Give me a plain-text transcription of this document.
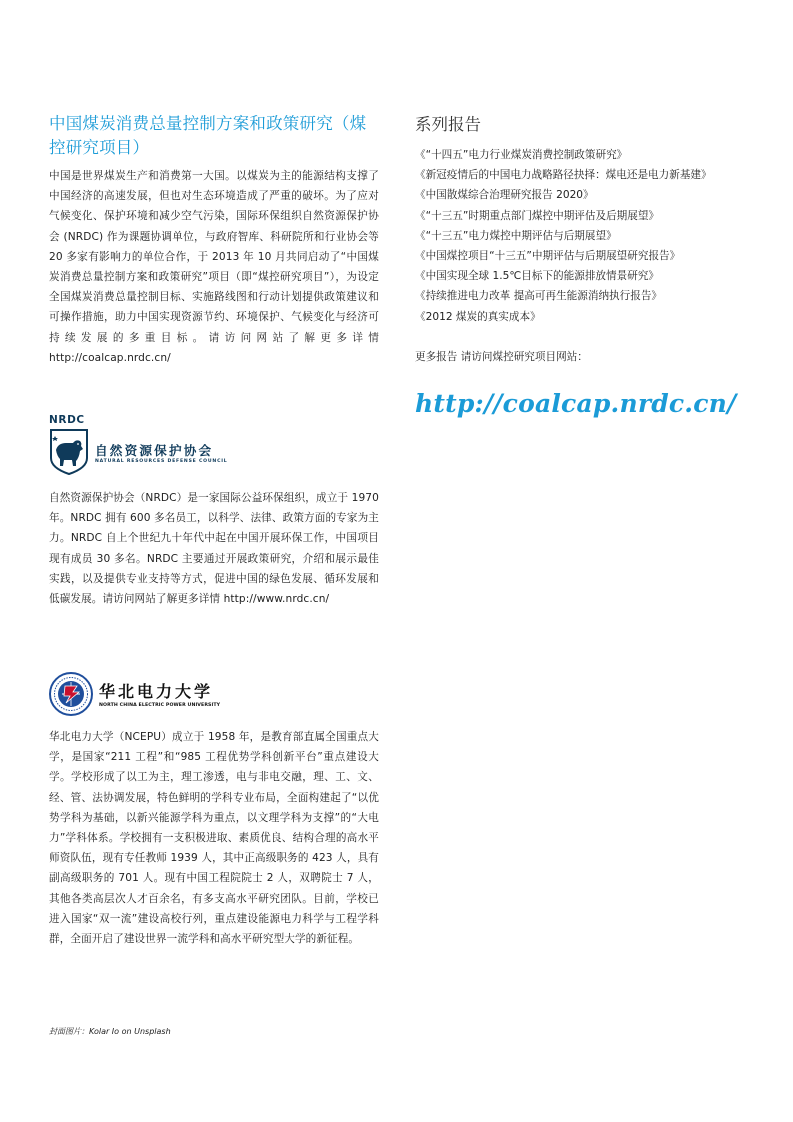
中国煤炭消费总量控制方案和政策研究（煤控研究项目）

中国是世界煤炭生产和消费第一大国。以煤炭为主的能源结构支撑了中国经济的高速发展，但也对生态环境造成了严重的破坏。为了应对气候变化、保护环境和减少空气污染，国际环保组织自然资源保护协会 (NRDC) 作为课题协调单位，与政府智库、科研院所和行业协会等 20 多家有影响力的单位合作，于 2013 年 10 月共同启动了“中国煤炭消费总量控制方案和政策研究”项目（即“煤控研究项目”），为设定全国煤炭消费总量控制目标、实施路线图和行动计划提供政策建议和可操作措施，助力中国实现资源节约、环境保护、气候变化与经济可持续发展的多重目标。请访问网站了解更多详情 http://coalcap.nrdc.cn/

NRDC
自然资源保护协会
NATURAL RESOURCES DEFENSE COUNCIL

自然资源保护协会（NRDC）是一家国际公益环保组织，成立于 1970 年。NRDC 拥有 600 多名员工，以科学、法律、政策方面的专家为主力。NRDC 自上个世纪九十年代中起在中国开展环保工作，中国项目现有成员 30 多名。NRDC 主要通过开展政策研究，介绍和展示最佳实践，以及提供专业支持等方式，促进中国的绿色发展、循环发展和低碳发展。请访问网站了解更多详情 http://www.nrdc.cn/

华北电力大学
NORTH CHINA ELECTRIC POWER UNIVERSITY

华北电力大学（NCEPU）成立于 1958 年，是教育部直属全国重点大学，是国家“211 工程”和“985 工程优势学科创新平台”重点建设大学。学校形成了以工为主，理工渗透，电与非电交融，理、工、文、经、管、法协调发展，特色鲜明的学科专业布局，全面构建起了“以优势学科为基础，以新兴能源学科为重点，以文理学科为支撑”的“大电力”学科体系。学校拥有一支积极进取、素质优良、结构合理的高水平师资队伍，现有专任教师 1939 人，其中正高级职务的 423 人，具有副高级职务的 701 人。现有中国工程院院士 2 人，双聘院士 7 人，其他各类高层次人才百余名，有多支高水平研究团队。目前，学校已进入国家“双一流”建设高校行列，重点建设能源电力科学与工程学科群，全面开启了建设世界一流学科和高水平研究型大学的新征程。

封面图片：Kolar Io on Unsplash
系列报告
《“十四五”电力行业煤炭消费控制政策研究》
《新冠疫情后的中国电力战略路径抉择：煤电还是电力新基建》
《中国散煤综合治理研究报告 2020》
《“十三五”时期重点部门煤控中期评估及后期展望》
《“十三五”电力煤控中期评估与后期展望》
《中国煤控项目“十三五”中期评估与后期展望研究报告》
《中国实现全球 1.5℃目标下的能源排放情景研究》
《持续推进电力改革 提高可再生能源消纳执行报告》
《2012 煤炭的真实成本》

更多报告 请访问煤控研究项目网站：

http://coalcap.nrdc.cn/
